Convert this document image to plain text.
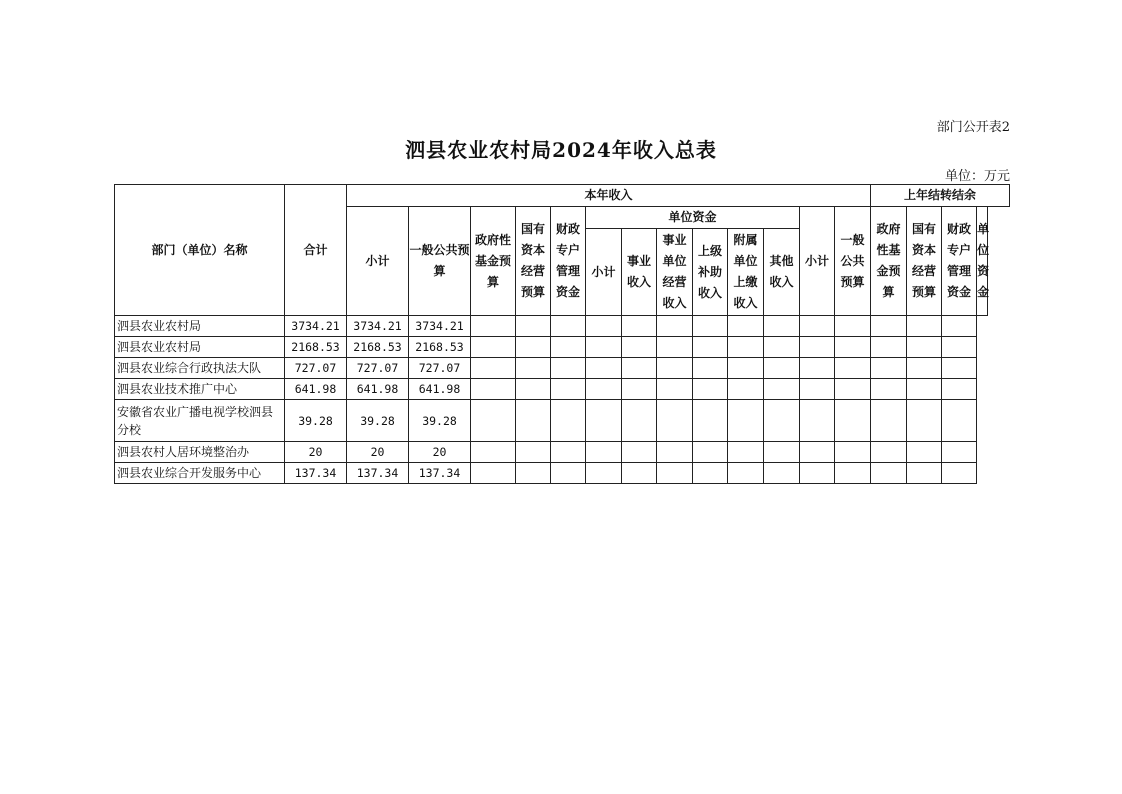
部门公开表2
泗县农业农村局2024年收入总表
单位：万元
部门（单位）名称	合计	本年收入													上年结转结余			
		小计	一般公共预算	政府性基金预算	国有资本经营预算	财政专户管理资金	单位资金						小计	一般公共预算	政府性基金预算	国有资本经营预算	财政专户管理资金	单位资金
							小计	事业收入	事业单位经营收入	上级补助收入	附属单位上缴收入	其他收入						
泗县农业农村局	3734.21	3734.21	3734.21															
泗县农业农村局	2168.53	2168.53	2168.53															
泗县农业综合行政执法大队	727.07	727.07	727.07															
泗县农业技术推广中心	641.98	641.98	641.98															
安徽省农业广播电视学校泗县分校	39.28	39.28	39.28															
泗县农村人居环境整治办	20	20	20															
泗县农业综合开发服务中心	137.34	137.34	137.34															
